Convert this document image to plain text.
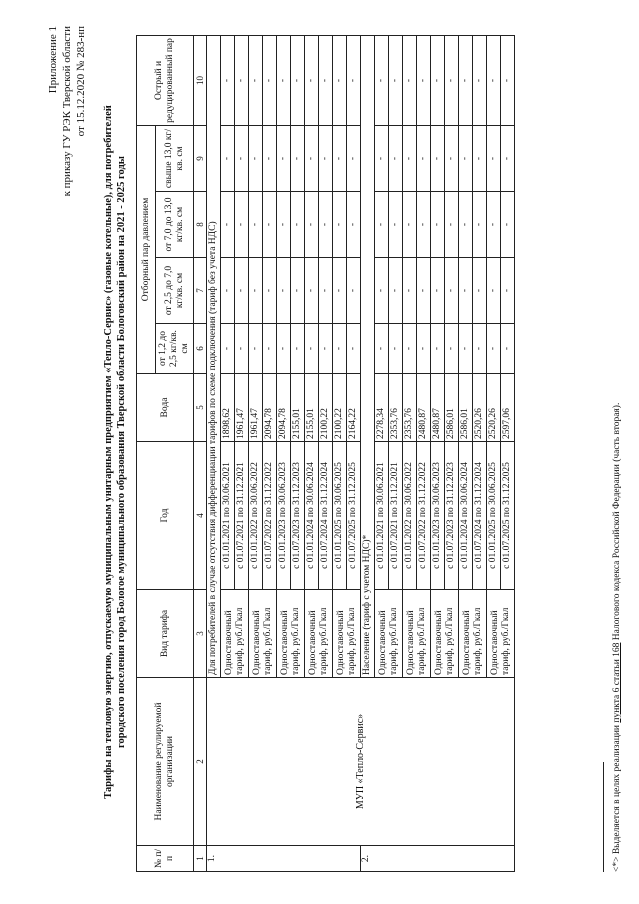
Приложение 1 к приказу ГУ РЭК Тверской области от 15.12.2020 № 283-нп
Тарифы на тепловую энергию, отпускаемую муниципальным унитарным предприятием «Тепло-Сервис» (газовые котельные), для потребителей городского поселения город Бологое муниципального образования Тверской области Бологовский район на 2021 - 2025 годы
№ п/ п	Наименование регулируемой организации	Вид тарифа	Год	Вода	Отборный пар давлением				Острый и редуцированный пар
					от 1,2 до 2,5 кг/кв. см	от 2,5 до 7,0 кг/кв. см	от 7,0 до 13,0 кг/кв. см	свыше 13,0 кг/кв. см	
1	2	3	4	5	6	7	8	9	10
1.	МУП «Тепло-Сервис»	Для потребителей в случае отсутствия дифференциации тарифов по схеме подключения (тариф без учета НДС)							
		Одноставочный тариф, руб./Гкал	с 01.01.2021 по 30.06.2021	1898,62	-	-	-	-	-
			с 01.07.2021 по 31.12.2021	1961,47	-	-	-	-	-
		Одноставочный тариф, руб./Гкал	с 01.01.2022 по 30.06.2022	1961,47	-	-	-	-	-
			с 01.07.2022 по 31.12.2022	2094,78	-	-	-	-	-
		Одноставочный тариф, руб./Гкал	с 01.01.2023 по 30.06.2023	2094,78	-	-	-	-	-
			с 01.07.2023 по 31.12.2023	2155,01	-	-	-	-	-
		Одноставочный тариф, руб./Гкал	с 01.01.2024 по 30.06.2024	2155,01	-	-	-	-	-
			с 01.07.2024 по 31.12.2024	2100,22	-	-	-	-	-
		Одноставочный тариф, руб./Гкал	с 01.01.2025 по 30.06.2025	2100,22	-	-	-	-	-
			с 01.07.2025 по 31.12.2025	2164,22	-	-	-	-	-
2.		Население (тариф с учетом НДС)*							
		Одноставочный тариф, руб./Гкал	с 01.01.2021 по 30.06.2021	2278,34	-	-	-	-	-
			с 01.07.2021 по 31.12.2021	2353,76	-	-	-	-	-
		Одноставочный тариф, руб./Гкал	с 01.01.2022 по 30.06.2022	2353,76	-	-	-	-	-
			с 01.07.2022 по 31.12.2022	2480,87	-	-	-	-	-
		Одноставочный тариф, руб./Гкал	с 01.01.2023 по 30.06.2023	2480,87	-	-	-	-	-
			с 01.07.2023 по 31.12.2023	2586,01	-	-	-	-	-
		Одноставочный тариф, руб./Гкал	с 01.01.2024 по 30.06.2024	2586,01	-	-	-	-	-
			с 01.07.2024 по 31.12.2024	2520,26	-	-	-	-	-
		Одноставочный тариф, руб./Гкал	с 01.01.2025 по 30.06.2025	2520,26	-	-	-	-	-
			с 01.07.2025 по 31.12.2025	2597,06	-	-	-	-	-
<*> Выделяется в целях реализации пункта 6 статьи 168 Налогового кодекса Российской Федерации (часть вторая).
